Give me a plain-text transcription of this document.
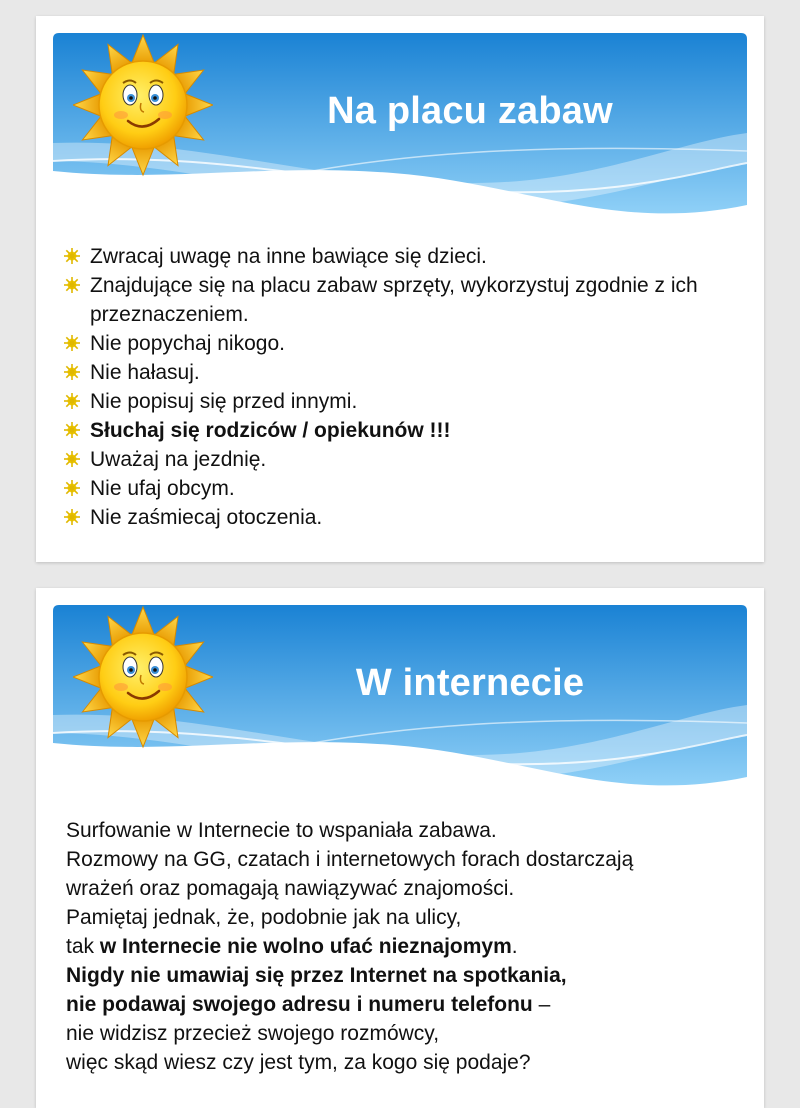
Na placu zabaw
Zwracaj uwagę na inne bawiące się dzieci.
Znajdujące się na placu zabaw sprzęty, wykorzystuj zgodnie z ich przeznaczeniem.
Nie popychaj nikogo.
Nie hałasuj.
Nie popisuj się przed innymi.
Słuchaj się rodziców / opiekunów !!!
Uważaj na jezdnię.
Nie ufaj obcym.
Nie zaśmiecaj otoczenia.
W internecie
Surfowanie w Internecie to wspaniała zabawa.
Rozmowy na GG, czatach i internetowych forach dostarczają
wrażeń oraz pomagają nawiązywać znajomości.
Pamiętaj jednak, że, podobnie jak na ulicy,
tak w Internecie nie wolno ufać nieznajomym.
Nigdy nie umawiaj się przez Internet na spotkania,
nie podawaj swojego adresu i numeru telefonu –
nie widzisz przecież swojego rozmówcy,
więc skąd wiesz czy jest tym, za kogo się podaje?
